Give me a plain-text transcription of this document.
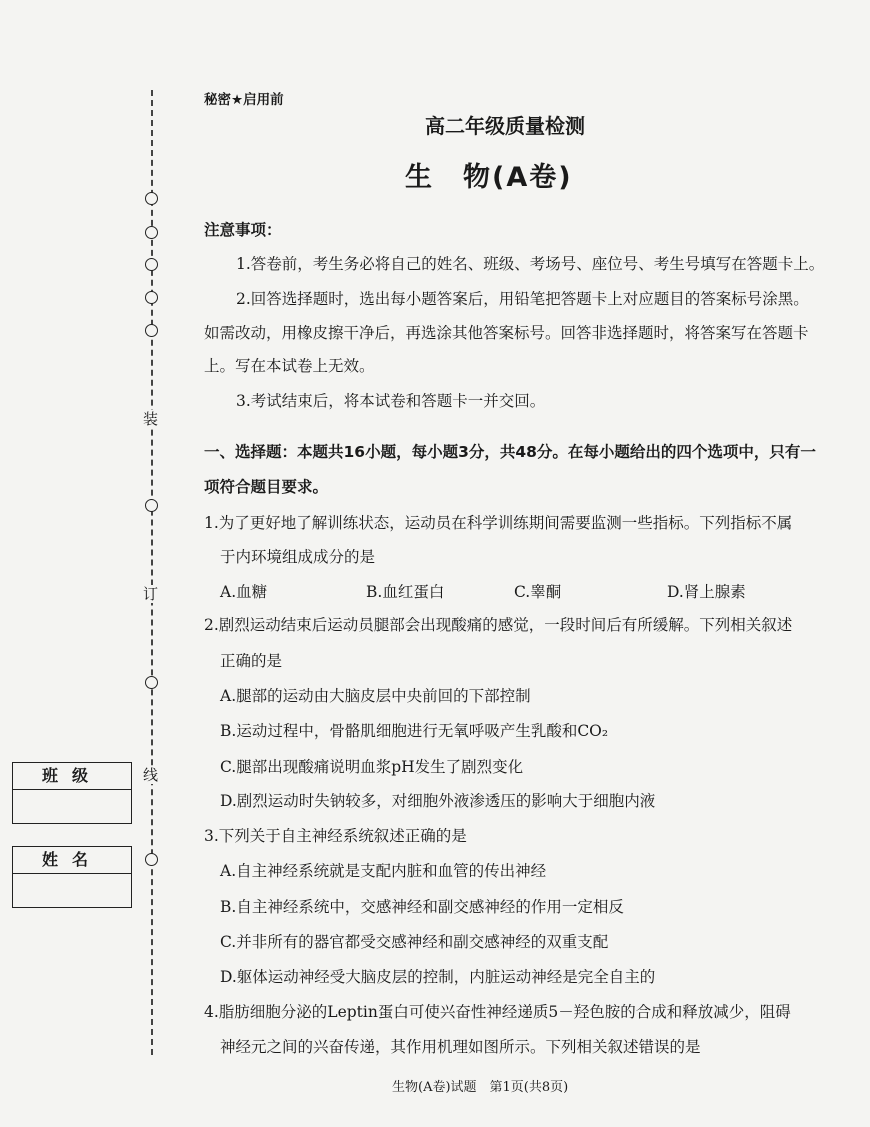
装
订
线
班级
姓名
秘密★启用前
高二年级质量检测
生　物(A卷)
注意事项：
1.答卷前，考生务必将自己的姓名、班级、考场号、座位号、考生号填写在答题卡上。
2.回答选择题时，选出每小题答案后，用铅笔把答题卡上对应题目的答案标号涂黑。
如需改动，用橡皮擦干净后，再选涂其他答案标号。回答非选择题时，将答案写在答题卡
上。写在本试卷上无效。
3.考试结束后，将本试卷和答题卡一并交回。
一、选择题：本题共16小题，每小题3分，共48分。在每小题给出的四个选项中，只有一
项符合题目要求。
1.为了更好地了解训练状态，运动员在科学训练期间需要监测一些指标。下列指标不属
于内环境组成成分的是
A.血糖	B.血红蛋白	C.睾酮	D.肾上腺素
2.剧烈运动结束后运动员腿部会出现酸痛的感觉，一段时间后有所缓解。下列相关叙述
正确的是
A.腿部的运动由大脑皮层中央前回的下部控制
B.运动过程中，骨骼肌细胞进行无氧呼吸产生乳酸和CO₂
C.腿部出现酸痛说明血浆pH发生了剧烈变化
D.剧烈运动时失钠较多，对细胞外液渗透压的影响大于细胞内液
3.下列关于自主神经系统叙述正确的是
A.自主神经系统就是支配内脏和血管的传出神经
B.自主神经系统中，交感神经和副交感神经的作用一定相反
C.并非所有的器官都受交感神经和副交感神经的双重支配
D.躯体运动神经受大脑皮层的控制，内脏运动神经是完全自主的
4.脂肪细胞分泌的Leptin蛋白可使兴奋性神经递质5－羟色胺的合成和释放减少，阻碍
神经元之间的兴奋传递，其作用机理如图所示。下列相关叙述错误的是
生物(A卷)试题　第1页(共8页)
